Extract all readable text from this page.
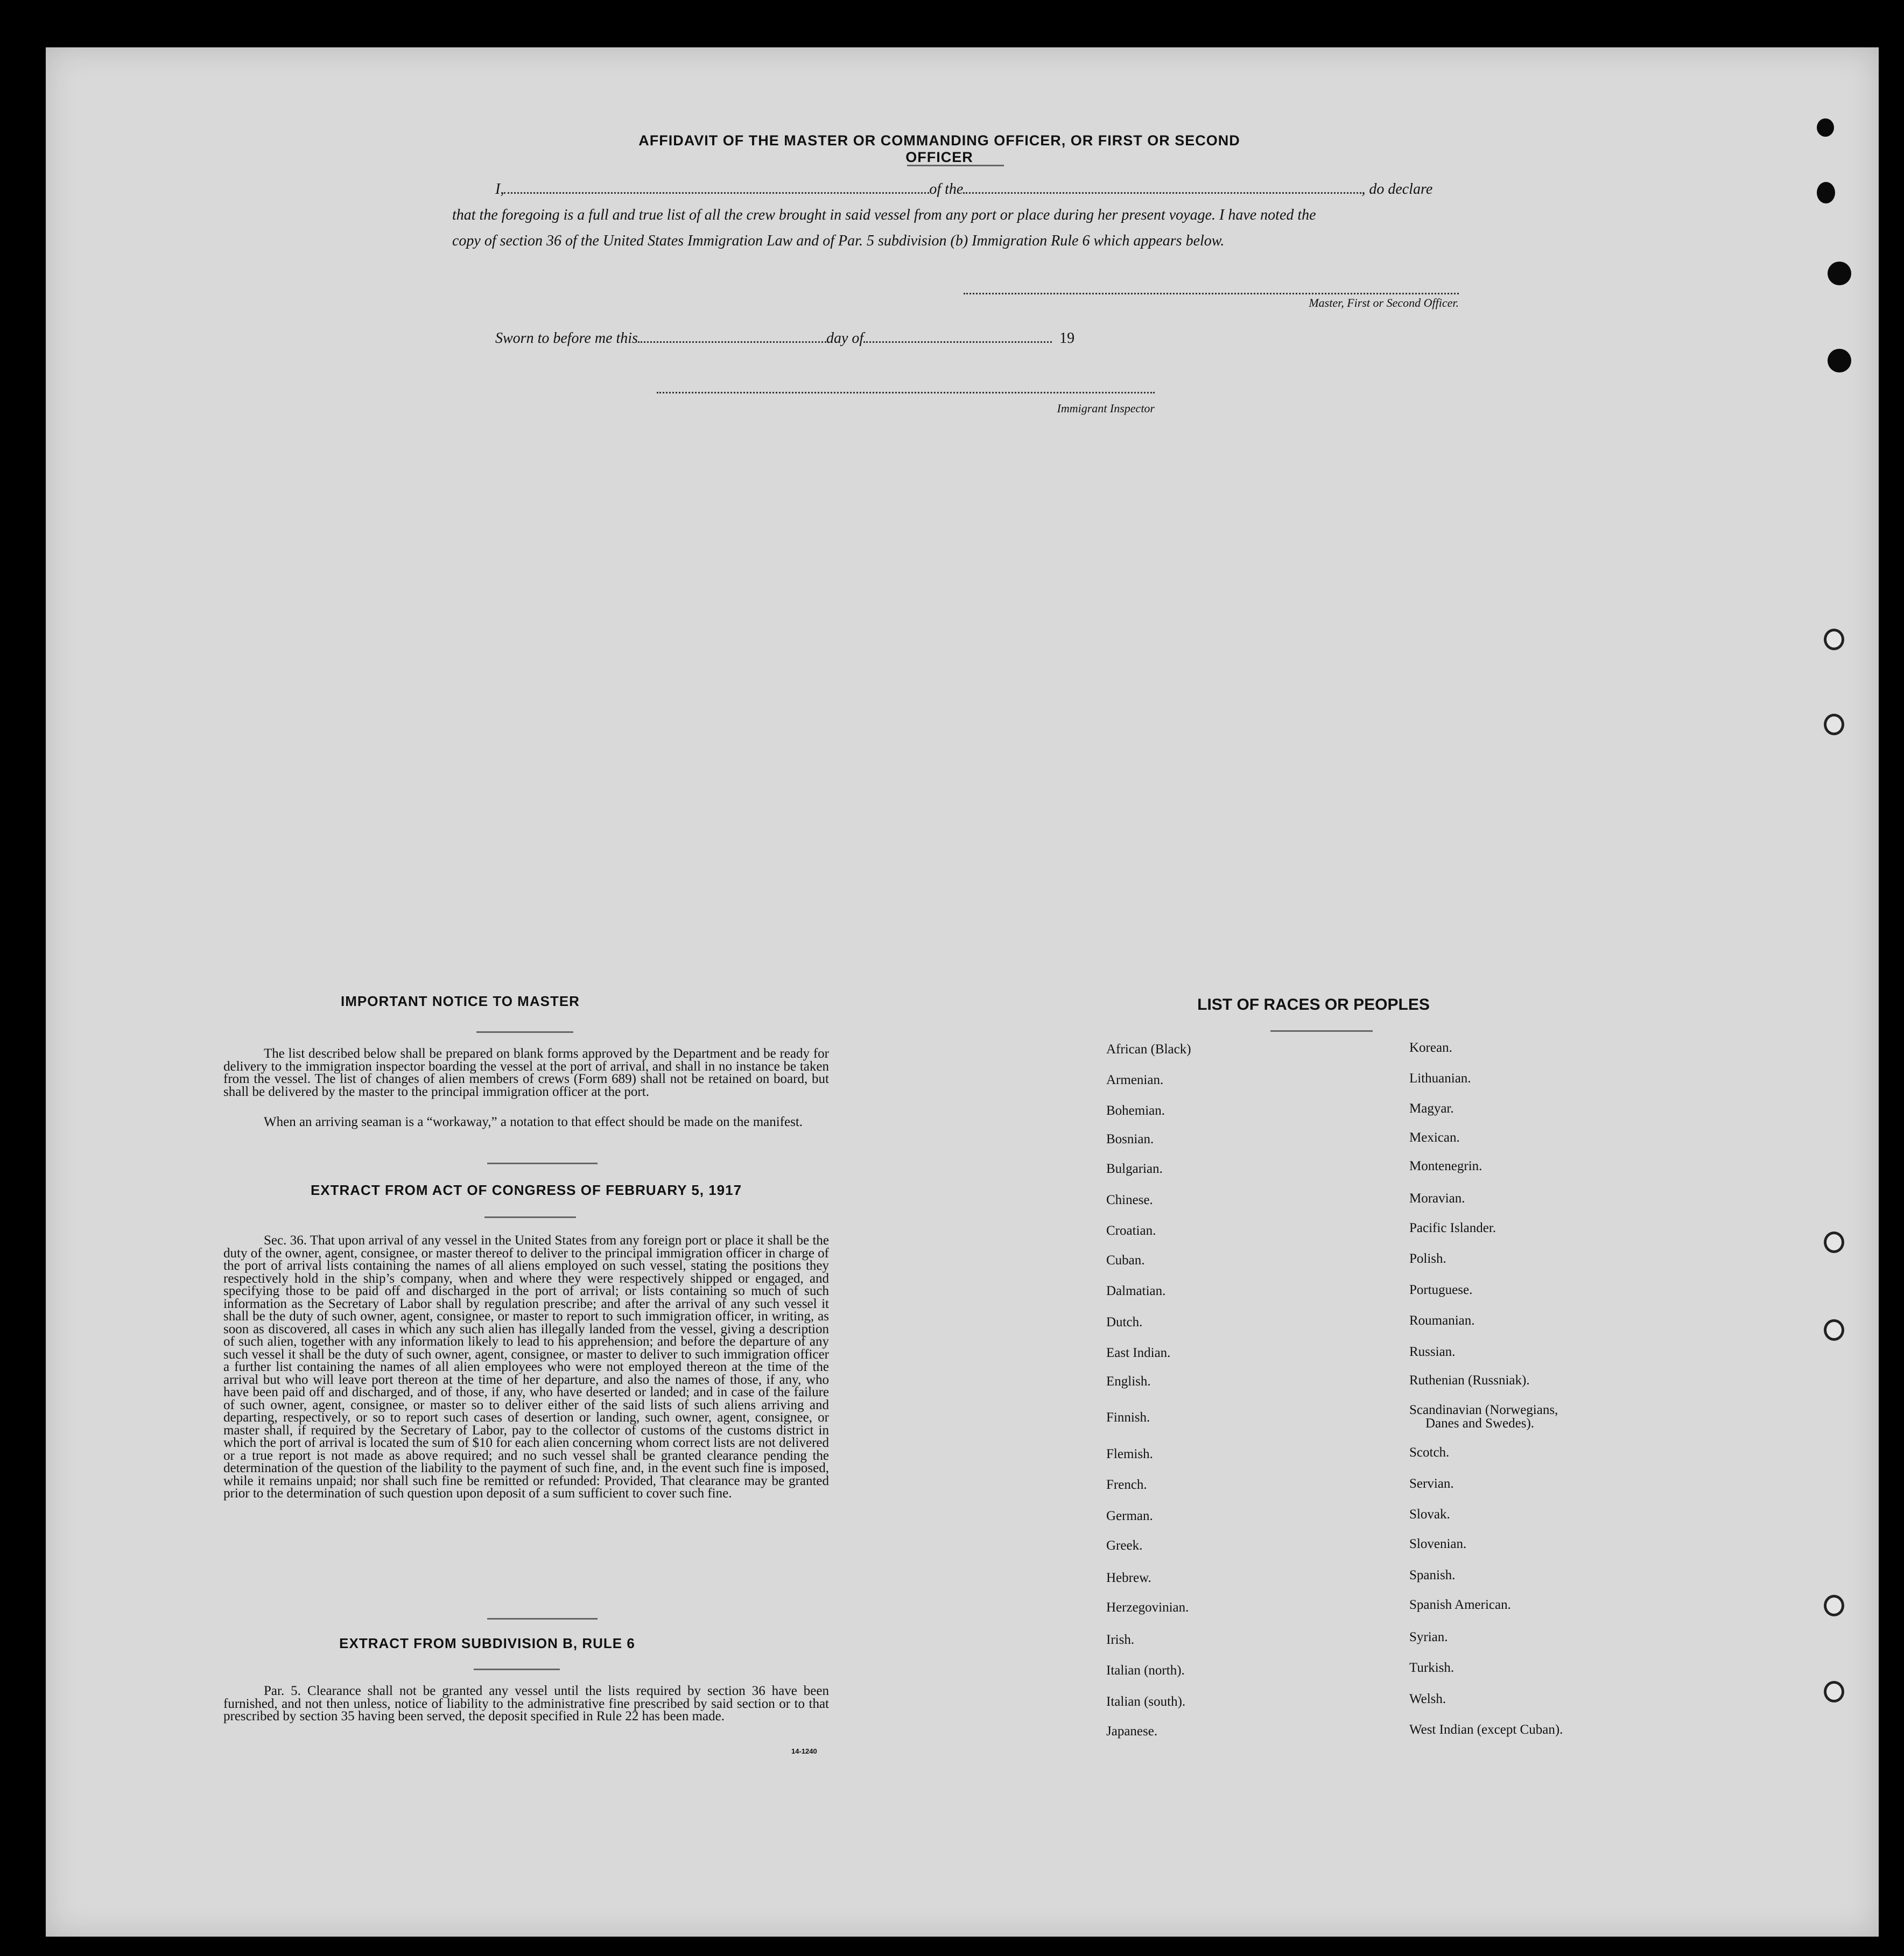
AFFIDAVIT OF THE MASTER OR COMMANDING OFFICER, OR FIRST OR SECOND OFFICER
I,	of the	, do declare
that the foregoing is a full and true list of all the crew brought in said vessel from any port or place during her present voyage. I have noted the
copy of section 36 of the United States Immigration Law and of Par. 5 subdivision (b) Immigration Rule 6 which appears below.
Master, First or Second Officer.
Sworn to before me this	day of	19
Immigrant Inspector
IMPORTANT NOTICE TO MASTER
The list described below shall be prepared on blank forms approved by the Department and be ready for delivery to the immigration inspector boarding the vessel at the port of arrival, and shall in no instance be taken from the vessel. The list of changes of alien members of crews (Form 689) shall not be retained on board, but shall be delivered by the master to the principal immigration officer at the port.
When an arriving seaman is a “workaway,” a notation to that effect should be made on the manifest.
EXTRACT FROM ACT OF CONGRESS OF FEBRUARY 5, 1917
Sec. 36. That upon arrival of any vessel in the United States from any foreign port or place it shall be the duty of the owner, agent, consignee, or master thereof to deliver to the principal immigration officer in charge of the port of arrival lists containing the names of all aliens employed on such vessel, stating the positions they respectively hold in the ship’s company, when and where they were respectively shipped or engaged, and specifying those to be paid off and discharged in the port of arrival; or lists containing so much of such information as the Secretary of Labor shall by regulation prescribe; and after the arrival of any such vessel it shall be the duty of such owner, agent, consignee, or master to report to such immigration officer, in writing, as soon as discovered, all cases in which any such alien has illegally landed from the vessel, giving a description of such alien, together with any information likely to lead to his apprehension; and before the departure of any such vessel it shall be the duty of such owner, agent, consignee, or master to deliver to such immigration officer a further list containing the names of all alien employees who were not employed thereon at the time of the arrival but who will leave port thereon at the time of her departure, and also the names of those, if any, who have been paid off and discharged, and of those, if any, who have deserted or landed; and in case of the failure of such owner, agent, consignee, or master so to deliver either of the said lists of such aliens arriving and departing, respectively, or so to report such cases of desertion or landing, such owner, agent, consignee, or master shall, if required by the Secretary of Labor, pay to the collector of customs of the customs district in which the port of arrival is located the sum of $10 for each alien concerning whom correct lists are not delivered or a true report is not made as above required; and no such vessel shall be granted clearance pending the determination of the question of the liability to the payment of such fine, and, in the event such fine is imposed, while it remains unpaid; nor shall such fine be remitted or refunded: Provided, That clearance may be granted prior to the determination of such question upon deposit of a sum sufficient to cover such fine.
EXTRACT FROM SUBDIVISION B, RULE 6
Par. 5. Clearance shall not be granted any vessel until the lists required by section 36 have been furnished, and not then unless, notice of liability to the administrative fine prescribed by said section or to that prescribed by section 35 having been served, the deposit specified in Rule 22 has been made.
14-1240
LIST OF RACES OR PEOPLES
African (Black)
Armenian.
Bohemian.
Bosnian.
Bulgarian.
Chinese.
Croatian.
Cuban.
Dalmatian.
Dutch.
East Indian.
English.
Finnish.
Flemish.
French.
German.
Greek.
Hebrew.
Herzegovinian.
Irish.
Italian (north).
Italian (south).
Japanese.
Korean.
Lithuanian.
Magyar.
Mexican.
Montenegrin.
Moravian.
Pacific Islander.
Polish.
Portuguese.
Roumanian.
Russian.
Ruthenian (Russniak).
Scandinavian (Norwegians,
Danes and Swedes).
Scotch.
Servian.
Slovak.
Slovenian.
Spanish.
Spanish American.
Syrian.
Turkish.
Welsh.
West Indian (except Cuban).
